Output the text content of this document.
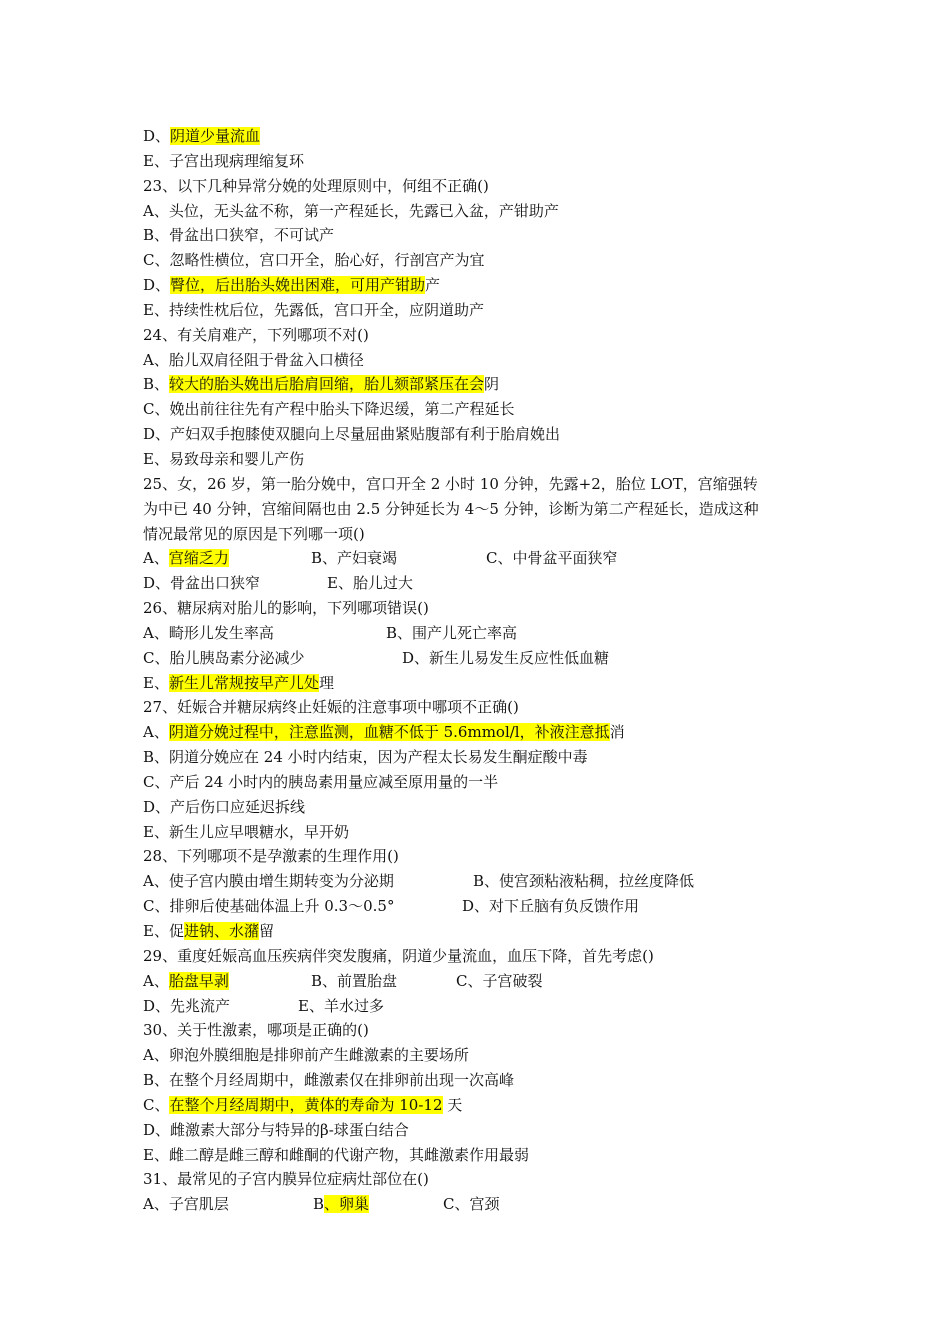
D、阴道少量流血
E、子宫出现病理缩复环
23、以下几种异常分娩的处理原则中，何组不正确()
A、头位，无头盆不称，第一产程延长，先露已入盆，产钳助产
B、骨盆出口狭窄，不可试产
C、忽略性横位，宫口开全，胎心好，行剖宫产为宜
D、臀位，后出胎头娩出困难，可用产钳助产
E、持续性枕后位，先露低，宫口开全，应阴道助产
24、有关肩难产，下列哪项不对()
A、胎儿双肩径阻于骨盆入口横径
B、较大的胎头娩出后胎肩回缩，胎儿颏部紧压在会阴
C、娩出前往往先有产程中胎头下降迟缓，第二产程延长
D、产妇双手抱膝使双腿向上尽量屈曲紧贴腹部有利于胎肩娩出
E、易致母亲和婴儿产伤
25、女，26 岁，第一胎分娩中，宫口开全 2 小时 10 分钟，先露+2，胎位 LOT，宫缩强转
为中已 40 分钟，宫缩间隔也由 2.5 分钟延长为 4～5 分钟，诊断为第二产程延长，造成这种
情况最常见的原因是下列哪一项()
A、宫缩乏力	B、产妇衰竭	C、中骨盆平面狭窄
D、骨盆出口狭窄	E、胎儿过大
26、糖尿病对胎儿的影响，下列哪项错误()
A、畸形儿发生率高	B、围产儿死亡率高
C、胎儿胰岛素分泌减少	D、新生儿易发生反应性低血糖
E、新生儿常规按早产儿处理
27、妊娠合并糖尿病终止妊娠的注意事项中哪项不正确()
A、阴道分娩过程中，注意监测，血糖不低于 5.6mmol/l，补液注意抵消
B、阴道分娩应在 24 小时内结束，因为产程太长易发生酮症酸中毒
C、产后 24 小时内的胰岛素用量应减至原用量的一半
D、产后伤口应延迟拆线
E、新生儿应早喂糖水，早开奶
28、下列哪项不是孕激素的生理作用()
A、使子宫内膜由增生期转变为分泌期	B、使宫颈粘液粘稠，拉丝度降低
C、排卵后使基础体温上升 0.3～0.5°	D、对下丘脑有负反馈作用
E、促进钠、水潴留
29、重度妊娠高血压疾病伴突发腹痛，阴道少量流血，血压下降，首先考虑()
A、胎盘早剥	B、前置胎盘	C、子宫破裂
D、先兆流产	E、羊水过多
30、关于性激素，哪项是正确的()
A、卵泡外膜细胞是排卵前产生雌激素的主要场所
B、在整个月经周期中，雌激素仅在排卵前出现一次高峰
C、在整个月经周期中，黄体的寿命为 10-12 天
D、雌激素大部分与特异的β-球蛋白结合
E、雌二醇是雌三醇和雌酮的代谢产物，其雌激素作用最弱
31、最常见的子宫内膜异位症病灶部位在()
A、子宫肌层	B、卵巢	C、宫颈
